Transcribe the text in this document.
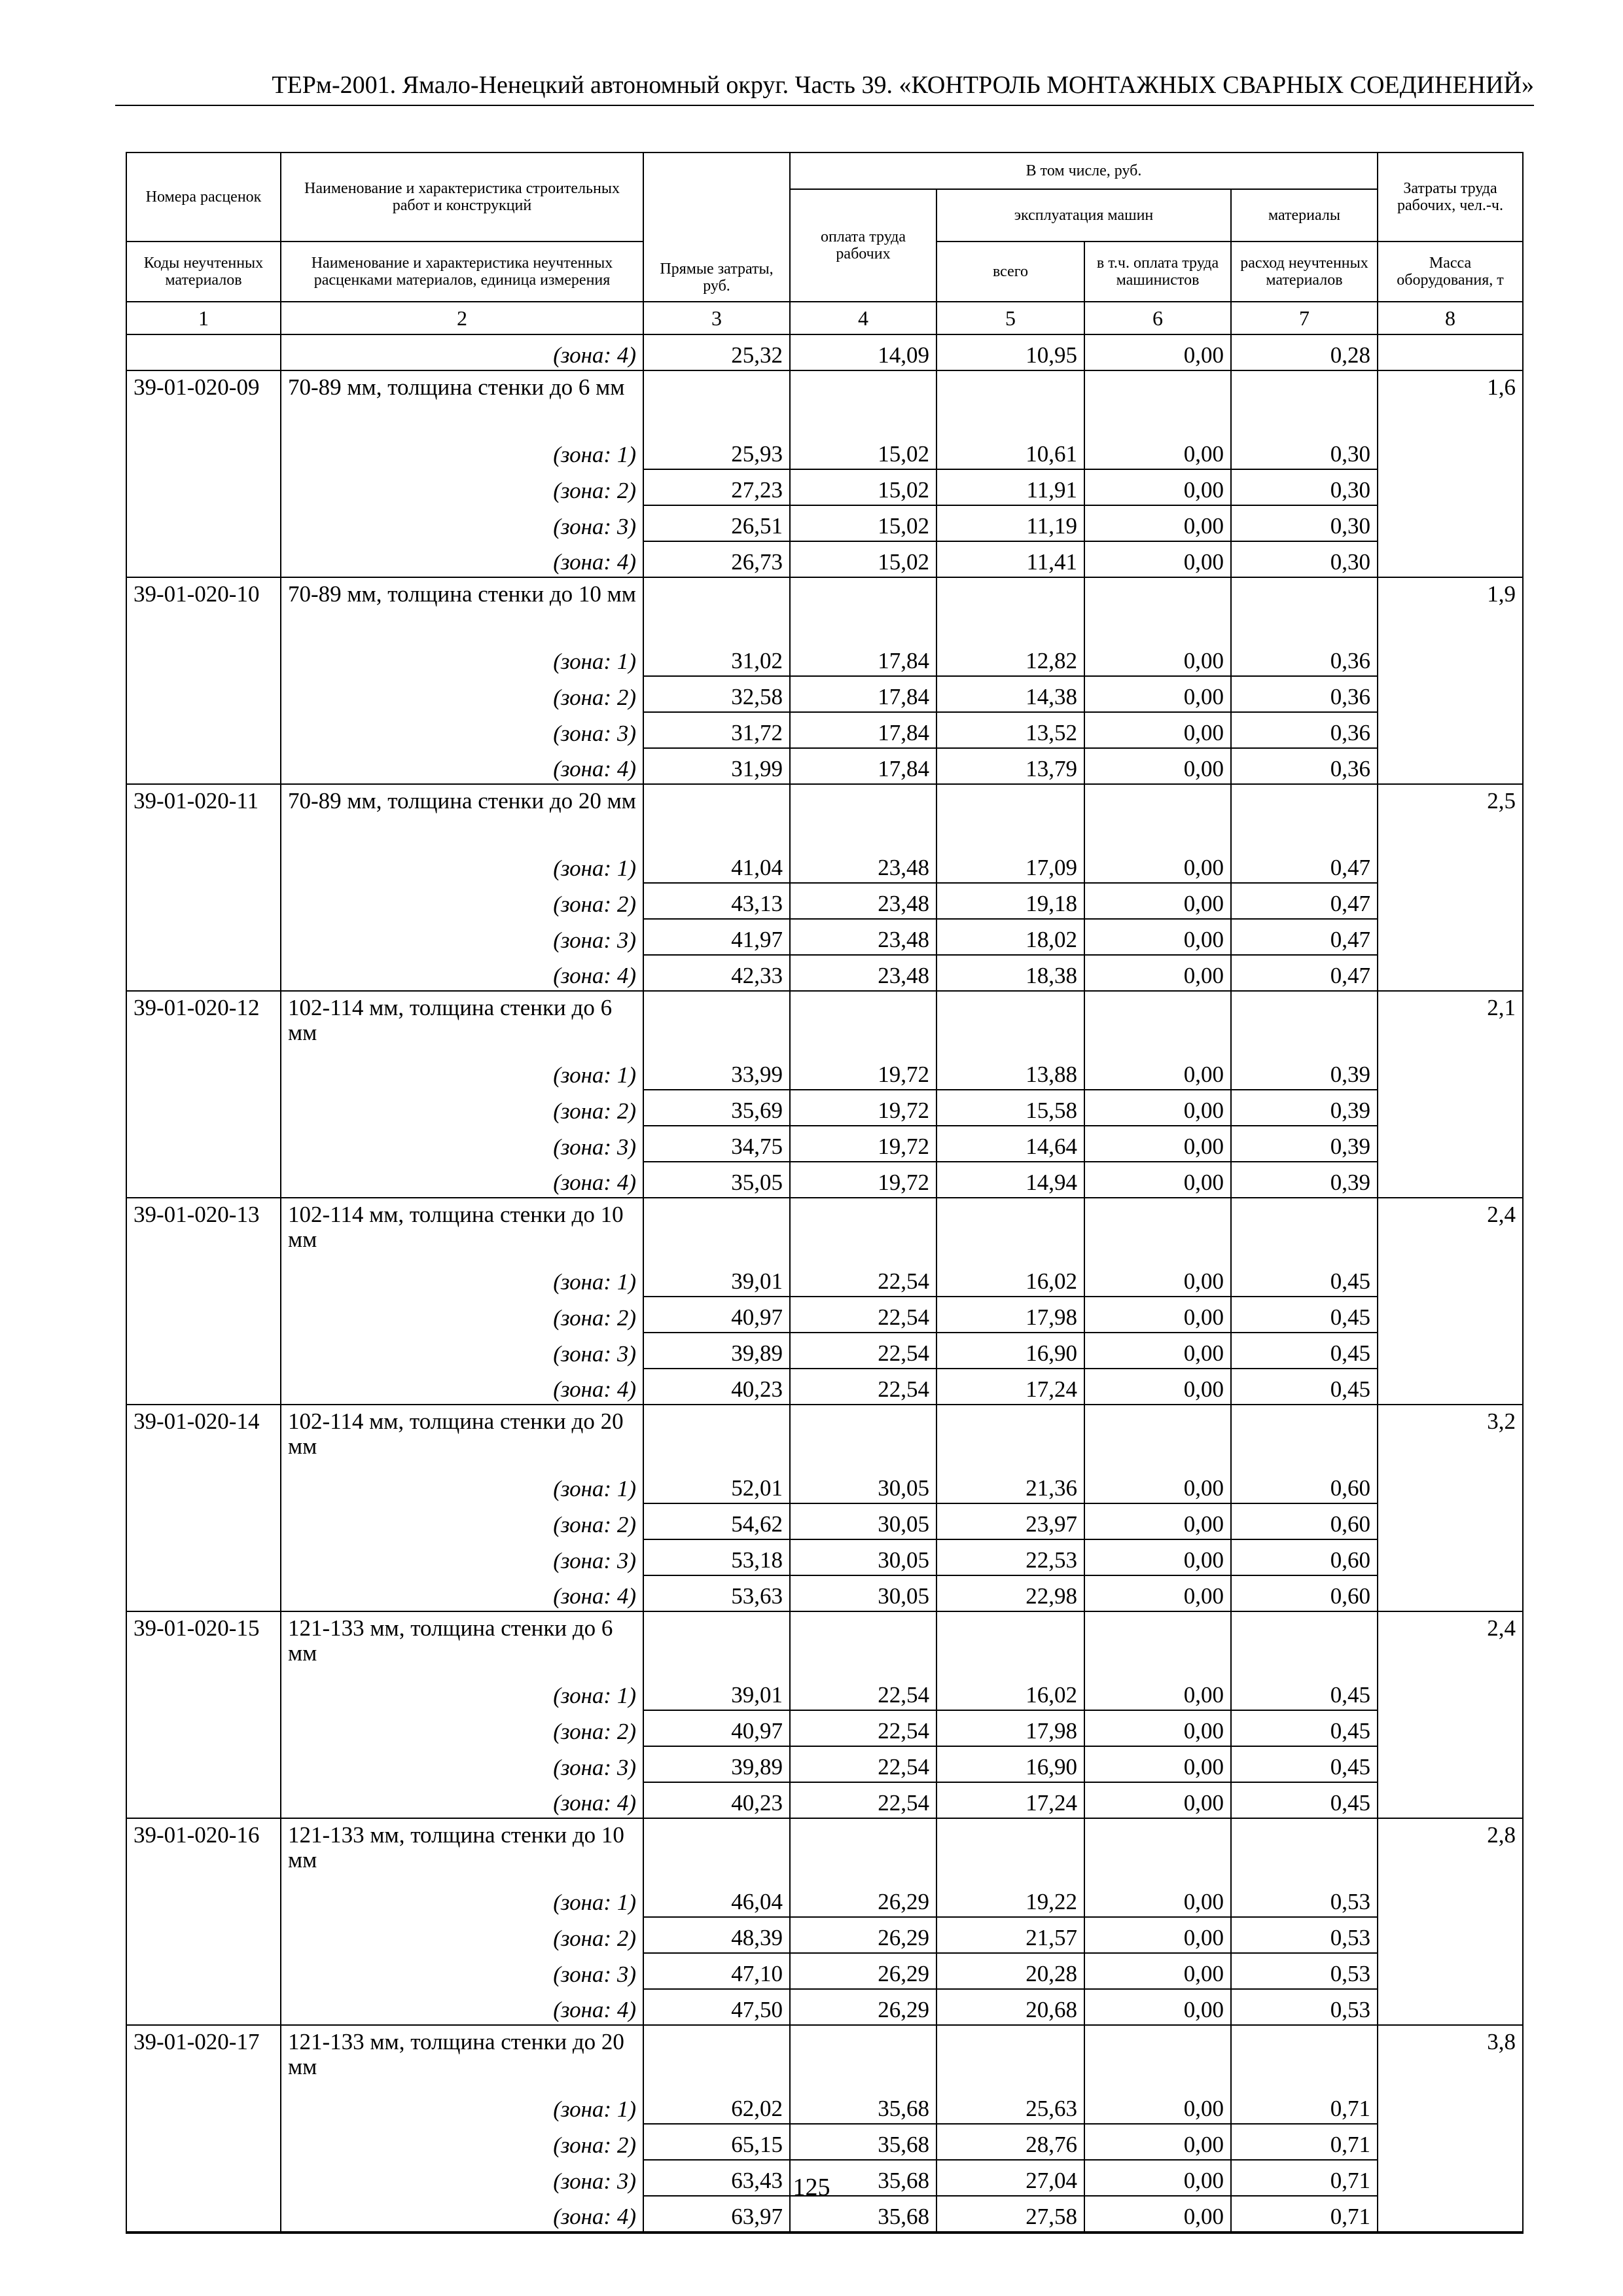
ТЕРм-2001. Ямало-Ненецкий автономный округ. Часть 39. «КОНТРОЛЬ МОНТАЖНЫХ СВАРНЫХ СОЕДИНЕНИЙ»
Номера расценок	Наименование и характеристика строительных работ и конструкций	Прямые затраты, руб.	В том числе, руб.				Затраты труда рабочих, чел.-ч.
			оплата труда рабочих	эксплуатация машин		материалы	
Коды неучтенных материалов	Наименование и характеристика неучтенных расценками материалов, единица измерения			всего	в т.ч. оплата труда машинистов	расход неучтенных материалов	Масса оборудования, т
1	2	3	4	5	6	7	8
	(зона: 4)	25,32	14,09	10,95	0,00	0,28	
39-01-020-09	70-89 мм, толщина стенки до 6 мм						1,6
	(зона: 1)	25,93	15,02	10,61	0,00	0,30	
	(зона: 2)	27,23	15,02	11,91	0,00	0,30	
	(зона: 3)	26,51	15,02	11,19	0,00	0,30	
	(зона: 4)	26,73	15,02	11,41	0,00	0,30	
39-01-020-10	70-89 мм, толщина стенки до 10 мм						1,9
	(зона: 1)	31,02	17,84	12,82	0,00	0,36	
	(зона: 2)	32,58	17,84	14,38	0,00	0,36	
	(зона: 3)	31,72	17,84	13,52	0,00	0,36	
	(зона: 4)	31,99	17,84	13,79	0,00	0,36	
39-01-020-11	70-89 мм, толщина стенки до 20 мм						2,5
	(зона: 1)	41,04	23,48	17,09	0,00	0,47	
	(зона: 2)	43,13	23,48	19,18	0,00	0,47	
	(зона: 3)	41,97	23,48	18,02	0,00	0,47	
	(зона: 4)	42,33	23,48	18,38	0,00	0,47	
39-01-020-12	102-114 мм, толщина стенки до 6 мм						2,1
	(зона: 1)	33,99	19,72	13,88	0,00	0,39	
	(зона: 2)	35,69	19,72	15,58	0,00	0,39	
	(зона: 3)	34,75	19,72	14,64	0,00	0,39	
	(зона: 4)	35,05	19,72	14,94	0,00	0,39	
39-01-020-13	102-114 мм, толщина стенки до 10 мм						2,4
	(зона: 1)	39,01	22,54	16,02	0,00	0,45	
	(зона: 2)	40,97	22,54	17,98	0,00	0,45	
	(зона: 3)	39,89	22,54	16,90	0,00	0,45	
	(зона: 4)	40,23	22,54	17,24	0,00	0,45	
39-01-020-14	102-114 мм, толщина стенки до 20 мм						3,2
	(зона: 1)	52,01	30,05	21,36	0,00	0,60	
	(зона: 2)	54,62	30,05	23,97	0,00	0,60	
	(зона: 3)	53,18	30,05	22,53	0,00	0,60	
	(зона: 4)	53,63	30,05	22,98	0,00	0,60	
39-01-020-15	121-133 мм, толщина стенки до 6 мм						2,4
	(зона: 1)	39,01	22,54	16,02	0,00	0,45	
	(зона: 2)	40,97	22,54	17,98	0,00	0,45	
	(зона: 3)	39,89	22,54	16,90	0,00	0,45	
	(зона: 4)	40,23	22,54	17,24	0,00	0,45	
39-01-020-16	121-133 мм, толщина стенки до 10 мм						2,8
	(зона: 1)	46,04	26,29	19,22	0,00	0,53	
	(зона: 2)	48,39	26,29	21,57	0,00	0,53	
	(зона: 3)	47,10	26,29	20,28	0,00	0,53	
	(зона: 4)	47,50	26,29	20,68	0,00	0,53	
39-01-020-17	121-133 мм, толщина стенки до 20 мм						3,8
	(зона: 1)	62,02	35,68	25,63	0,00	0,71	
	(зона: 2)	65,15	35,68	28,76	0,00	0,71	
	(зона: 3)	63,43	35,68	27,04	0,00	0,71	
	(зона: 4)	63,97	35,68	27,58	0,00	0,71	
125
